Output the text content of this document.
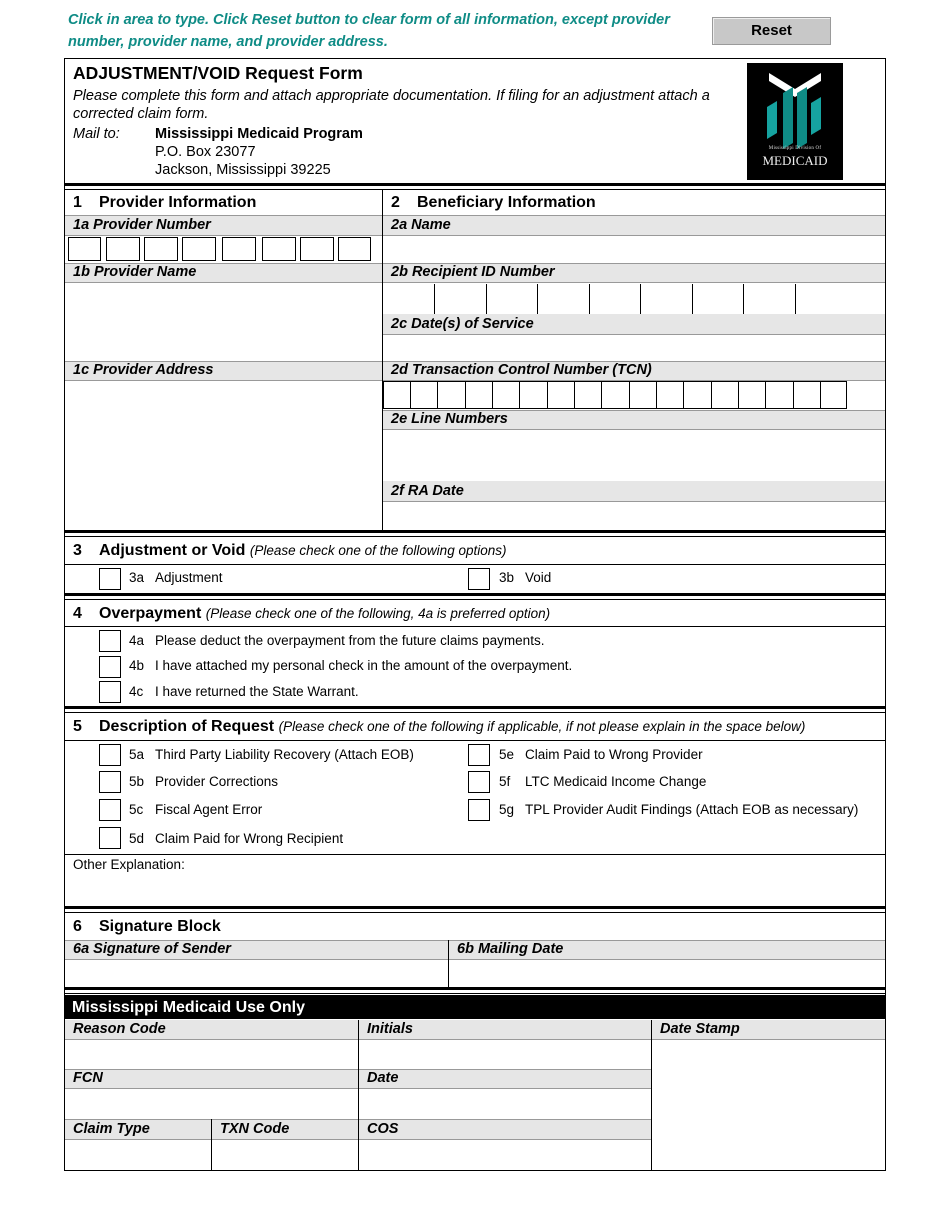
Click in area to type. Click Reset button to clear form of all information, except provider number, provider name, and provider address.
Reset
ADJUSTMENT/VOID Request Form
Please complete this form and attach appropriate documentation. If filing for an adjustment attach a corrected claim form.
Mail to: Mississippi Medicaid Program
P.O. Box 23077
Jackson, Mississippi 39225
Mississippi Division Of
MEDICAID
1 Provider Information
1a Provider Number
1b Provider Name
1c Provider Address
2 Beneficiary Information
2a Name
2b Recipient ID Number
2c Date(s) of Service
2d Transaction Control Number (TCN)
2e Line Numbers
2f RA Date
3 Adjustment or Void (Please check one of the following options)
3a Adjustment	3b Void
4 Overpayment (Please check one of the following, 4a is preferred option)
4a Please deduct the overpayment from the future claims payments.
4b I have attached my personal check in the amount of the overpayment.
4c I have returned the State Warrant.
5 Description of Request (Please check one of the following if applicable, if not please explain in the space below)
5a Third Party Liability Recovery (Attach EOB)
5b Provider Corrections
5c Fiscal Agent Error
5d Claim Paid for Wrong Recipient
5e Claim Paid to Wrong Provider
5f LTC Medicaid Income Change
5g TPL Provider Audit Findings (Attach EOB as necessary)
Other Explanation:
6 Signature Block
6a Signature of Sender	6b Mailing Date
Mississippi Medicaid Use Only
Reason Code	Initials	Date Stamp
FCN	Date
Claim Type	TXN Code	COS
